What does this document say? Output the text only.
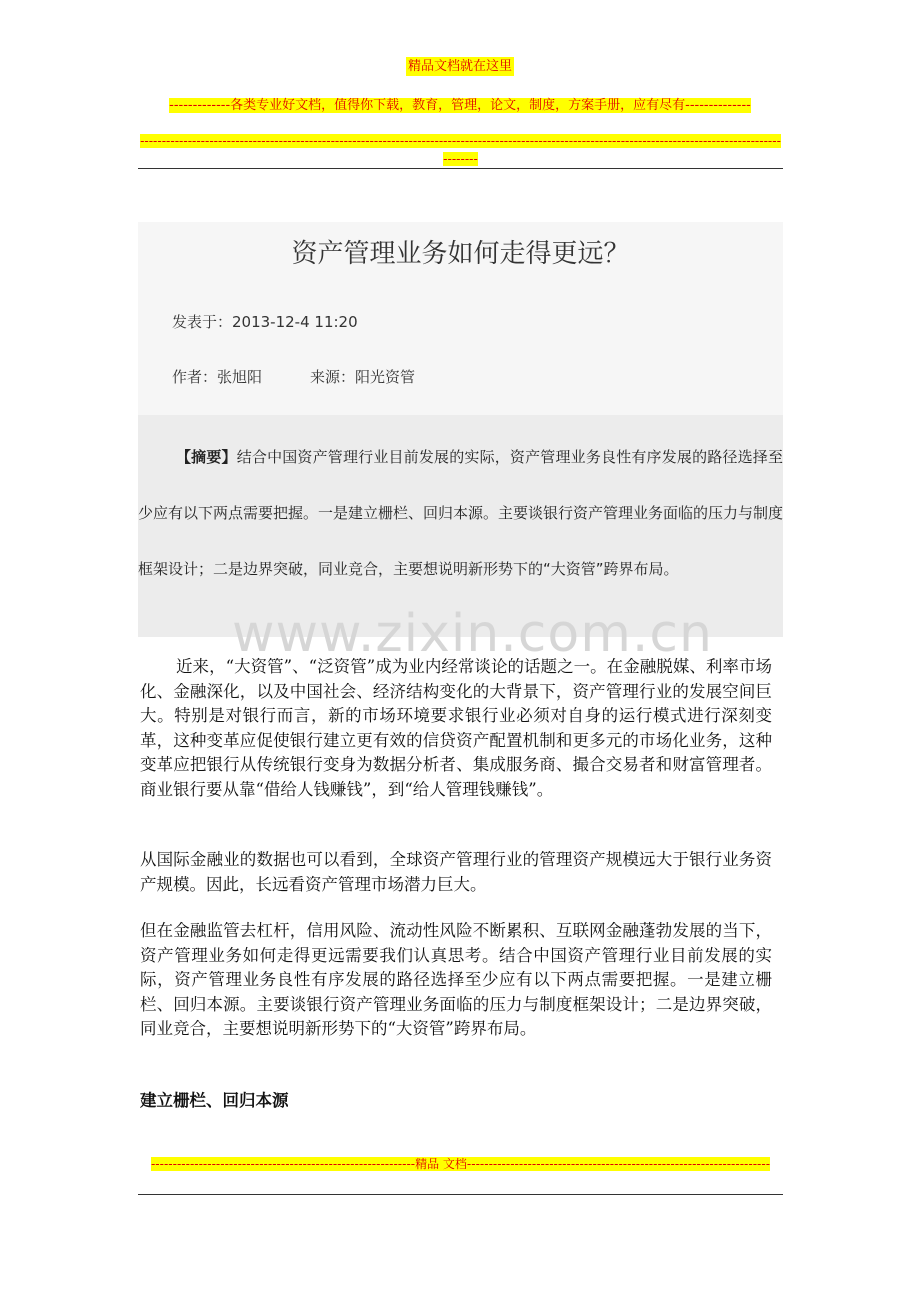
精品文档就在这里
-------------各类专业好文档，值得你下载，教育，管理，论文，制度，方案手册，应有尽有--------------
------------------------------------------------------------------------------------------------------------------------------------------------------------
资产管理业务如何走得更远？
发表于：2013-12-4 11:20
作者：张旭阳	来源：阳光资管

【摘要】结合中国资产管理行业目前发展的实际，资产管理业务良性有序发展的路径选择至少应有以下两点需要把握。一是建立栅栏、回归本源。主要谈银行资产管理业务面临的压力与制度框架设计；二是边界突破，同业竞合，主要想说明新形势下的“大资管”跨界布局。

www.zixin.com.cn

近来，“大资管”、“泛资管”成为业内经常谈论的话题之一。在金融脱媒、利率市场化、金融深化，以及中国社会、经济结构变化的大背景下，资产管理行业的发展空间巨大。特别是对银行而言，新的市场环境要求银行业必须对自身的运行模式进行深刻变革，这种变革应促使银行建立更有效的信贷资产配置机制和更多元的市场化业务，这种变革应把银行从传统银行变身为数据分析者、集成服务商、撮合交易者和财富管理者。商业银行要从靠“借给人钱赚钱”，到“给人管理钱赚钱”。

从国际金融业的数据也可以看到，全球资产管理行业的管理资产规模远大于银行业务资产规模。因此，长远看资产管理市场潜力巨大。

但在金融监管去杠杆，信用风险、流动性风险不断累积、互联网金融蓬勃发展的当下，资产管理业务如何走得更远需要我们认真思考。结合中国资产管理行业目前发展的实际，资产管理业务良性有序发展的路径选择至少应有以下两点需要把握。一是建立栅栏、回归本源。主要谈银行资产管理业务面临的压力与制度框架设计；二是边界突破，同业竞合，主要想说明新形势下的“大资管”跨界布局。

建立栅栏、回归本源

-------------------------------------------------------------精品 文档----------------------------------------------------------------------
